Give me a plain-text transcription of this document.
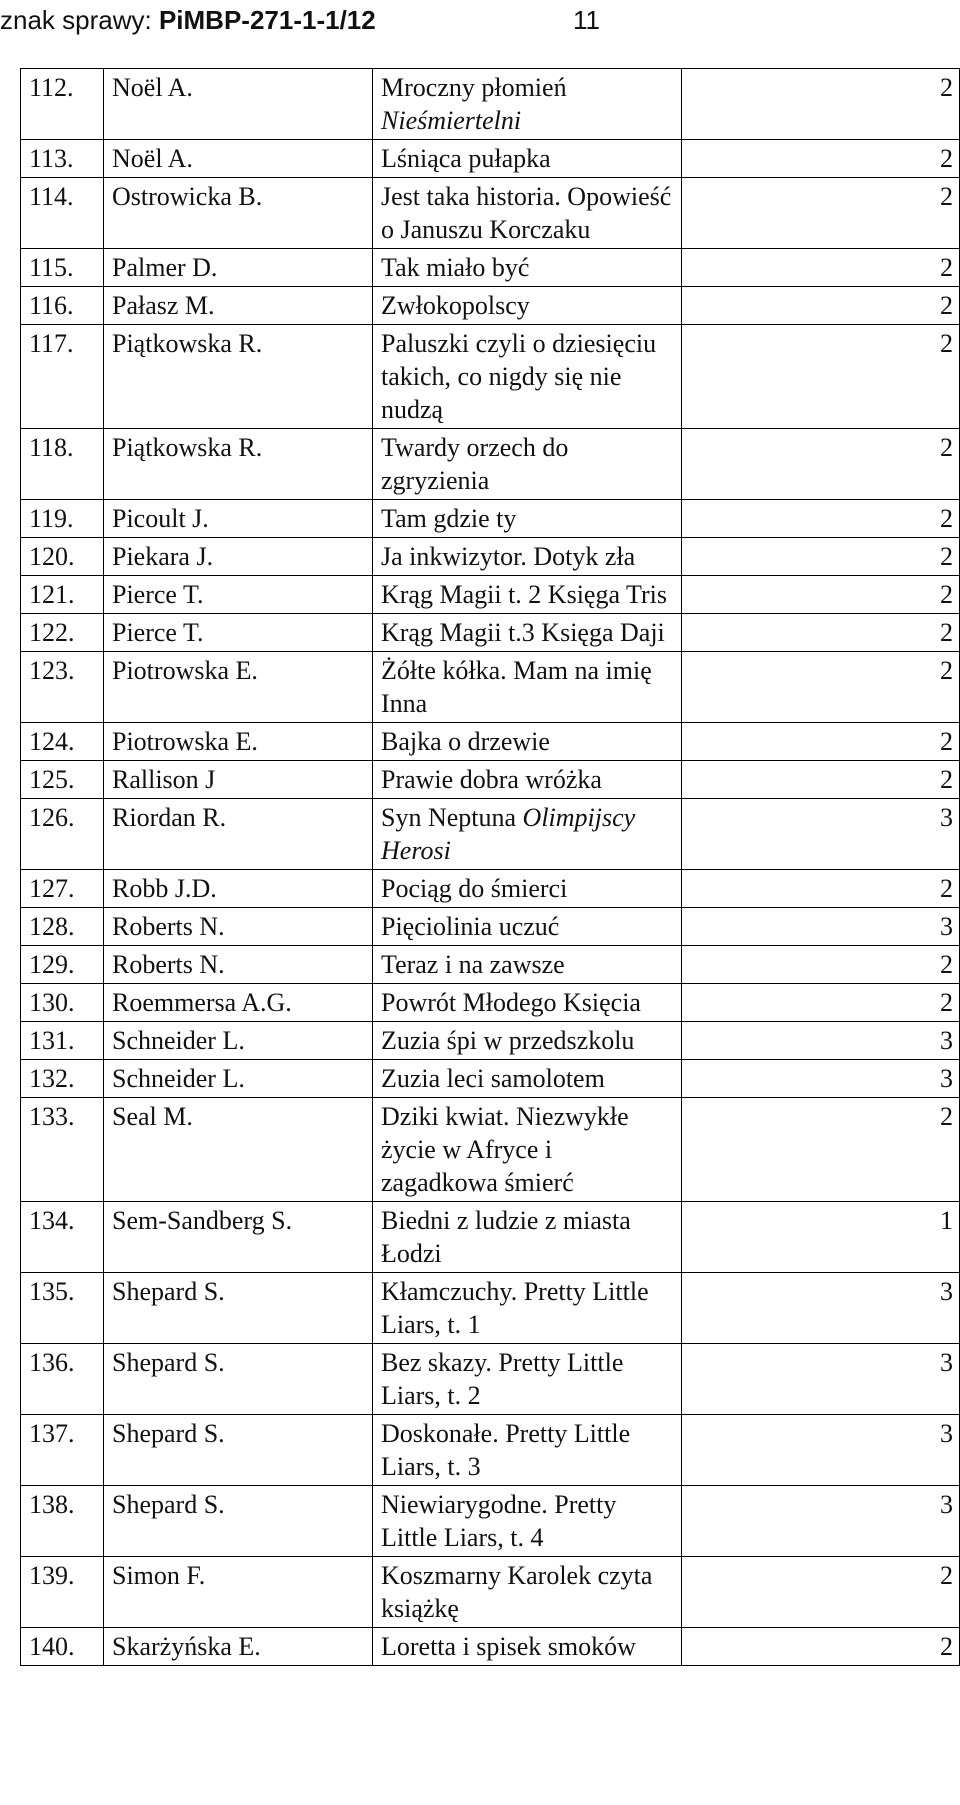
znak sprawy: PiMBP-271-1-1/12	11
112.	Noël A.	Mroczny płomień Nieśmiertelni	2
113.	Noël A.	Lśniąca pułapka	2
114.	Ostrowicka B.	Jest taka historia. Opowieść o Januszu Korczaku	2
115.	Palmer D.	Tak miało być	2
116.	Pałasz M.	Zwłokopolscy	2
117.	Piątkowska R.	Paluszki czyli o dziesięciu takich, co nigdy się nie nudzą	2
118.	Piątkowska R.	Twardy orzech do zgryzienia	2
119.	Picoult J.	Tam gdzie ty	2
120.	Piekara J.	Ja inkwizytor. Dotyk zła	2
121.	Pierce T.	Krąg Magii t. 2 Księga Tris	2
122.	Pierce T.	Krąg Magii t.3 Księga Daji	2
123.	Piotrowska E.	Żółte kółka. Mam na imię Inna	2
124.	Piotrowska E.	Bajka o drzewie	2
125.	Rallison J	Prawie dobra wróżka	2
126.	Riordan R.	Syn Neptuna Olimpijscy Herosi	3
127.	Robb J.D.	Pociąg do śmierci	2
128.	Roberts N.	Pięciolinia uczuć	3
129.	Roberts N.	Teraz i na zawsze	2
130.	Roemmersa A.G.	Powrót Młodego Księcia	2
131.	Schneider L.	Zuzia śpi w przedszkolu	3
132.	Schneider L.	Zuzia leci samolotem	3
133.	Seal M.	Dziki kwiat. Niezwykłe życie w Afryce i zagadkowa śmierć	2
134.	Sem-Sandberg S.	Biedni z ludzie z miasta Łodzi	1
135.	Shepard S.	Kłamczuchy. Pretty Little Liars, t. 1	3
136.	Shepard S.	Bez skazy. Pretty Little Liars, t. 2	3
137.	Shepard S.	Doskonałe. Pretty Little Liars, t. 3	3
138.	Shepard S.	Niewiarygodne. Pretty Little Liars, t. 4	3
139.	Simon F.	Koszmarny Karolek czyta książkę	2
140.	Skarżyńska E.	Loretta i spisek smoków	2
